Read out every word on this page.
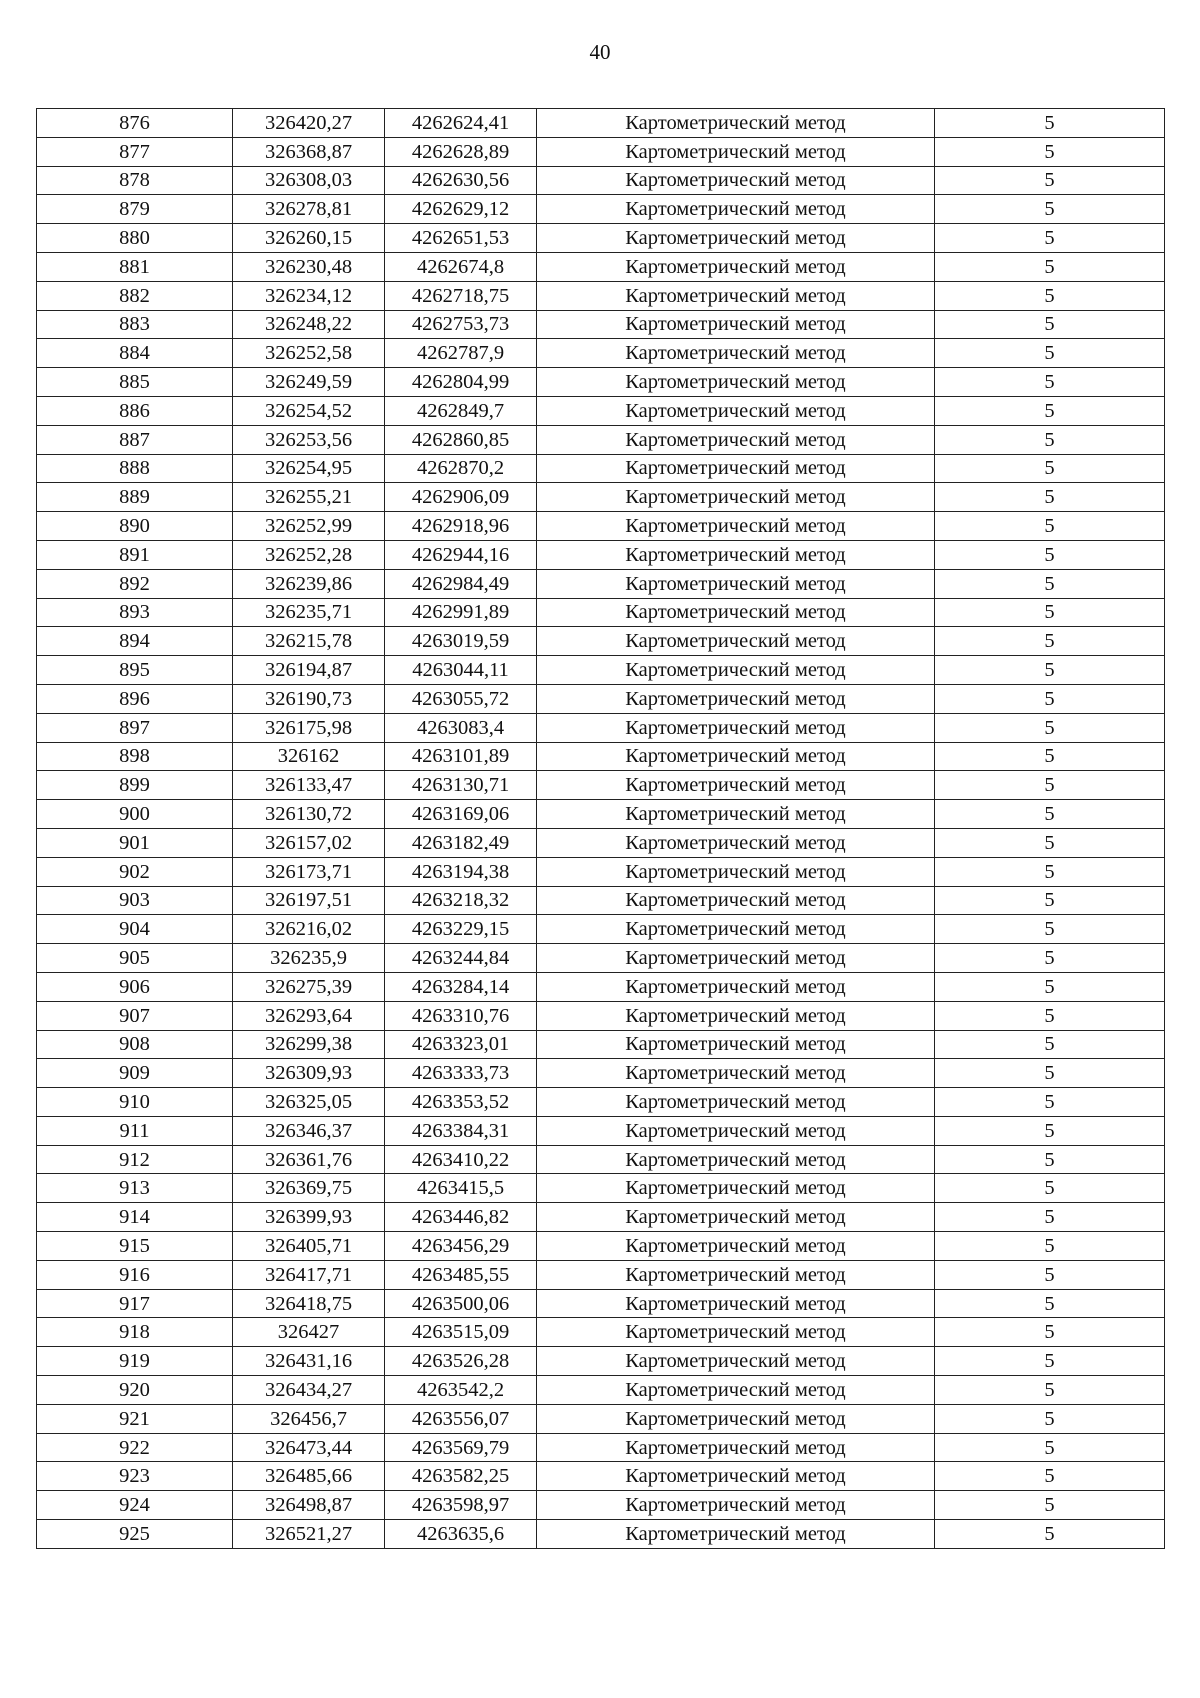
40
876	326420,27	4262624,41	Картометрический метод	5
877	326368,87	4262628,89	Картометрический метод	5
878	326308,03	4262630,56	Картометрический метод	5
879	326278,81	4262629,12	Картометрический метод	5
880	326260,15	4262651,53	Картометрический метод	5
881	326230,48	4262674,8	Картометрический метод	5
882	326234,12	4262718,75	Картометрический метод	5
883	326248,22	4262753,73	Картометрический метод	5
884	326252,58	4262787,9	Картометрический метод	5
885	326249,59	4262804,99	Картометрический метод	5
886	326254,52	4262849,7	Картометрический метод	5
887	326253,56	4262860,85	Картометрический метод	5
888	326254,95	4262870,2	Картометрический метод	5
889	326255,21	4262906,09	Картометрический метод	5
890	326252,99	4262918,96	Картометрический метод	5
891	326252,28	4262944,16	Картометрический метод	5
892	326239,86	4262984,49	Картометрический метод	5
893	326235,71	4262991,89	Картометрический метод	5
894	326215,78	4263019,59	Картометрический метод	5
895	326194,87	4263044,11	Картометрический метод	5
896	326190,73	4263055,72	Картометрический метод	5
897	326175,98	4263083,4	Картометрический метод	5
898	326162	4263101,89	Картометрический метод	5
899	326133,47	4263130,71	Картометрический метод	5
900	326130,72	4263169,06	Картометрический метод	5
901	326157,02	4263182,49	Картометрический метод	5
902	326173,71	4263194,38	Картометрический метод	5
903	326197,51	4263218,32	Картометрический метод	5
904	326216,02	4263229,15	Картометрический метод	5
905	326235,9	4263244,84	Картометрический метод	5
906	326275,39	4263284,14	Картометрический метод	5
907	326293,64	4263310,76	Картометрический метод	5
908	326299,38	4263323,01	Картометрический метод	5
909	326309,93	4263333,73	Картометрический метод	5
910	326325,05	4263353,52	Картометрический метод	5
911	326346,37	4263384,31	Картометрический метод	5
912	326361,76	4263410,22	Картометрический метод	5
913	326369,75	4263415,5	Картометрический метод	5
914	326399,93	4263446,82	Картометрический метод	5
915	326405,71	4263456,29	Картометрический метод	5
916	326417,71	4263485,55	Картометрический метод	5
917	326418,75	4263500,06	Картометрический метод	5
918	326427	4263515,09	Картометрический метод	5
919	326431,16	4263526,28	Картометрический метод	5
920	326434,27	4263542,2	Картометрический метод	5
921	326456,7	4263556,07	Картометрический метод	5
922	326473,44	4263569,79	Картометрический метод	5
923	326485,66	4263582,25	Картометрический метод	5
924	326498,87	4263598,97	Картометрический метод	5
925	326521,27	4263635,6	Картометрический метод	5
